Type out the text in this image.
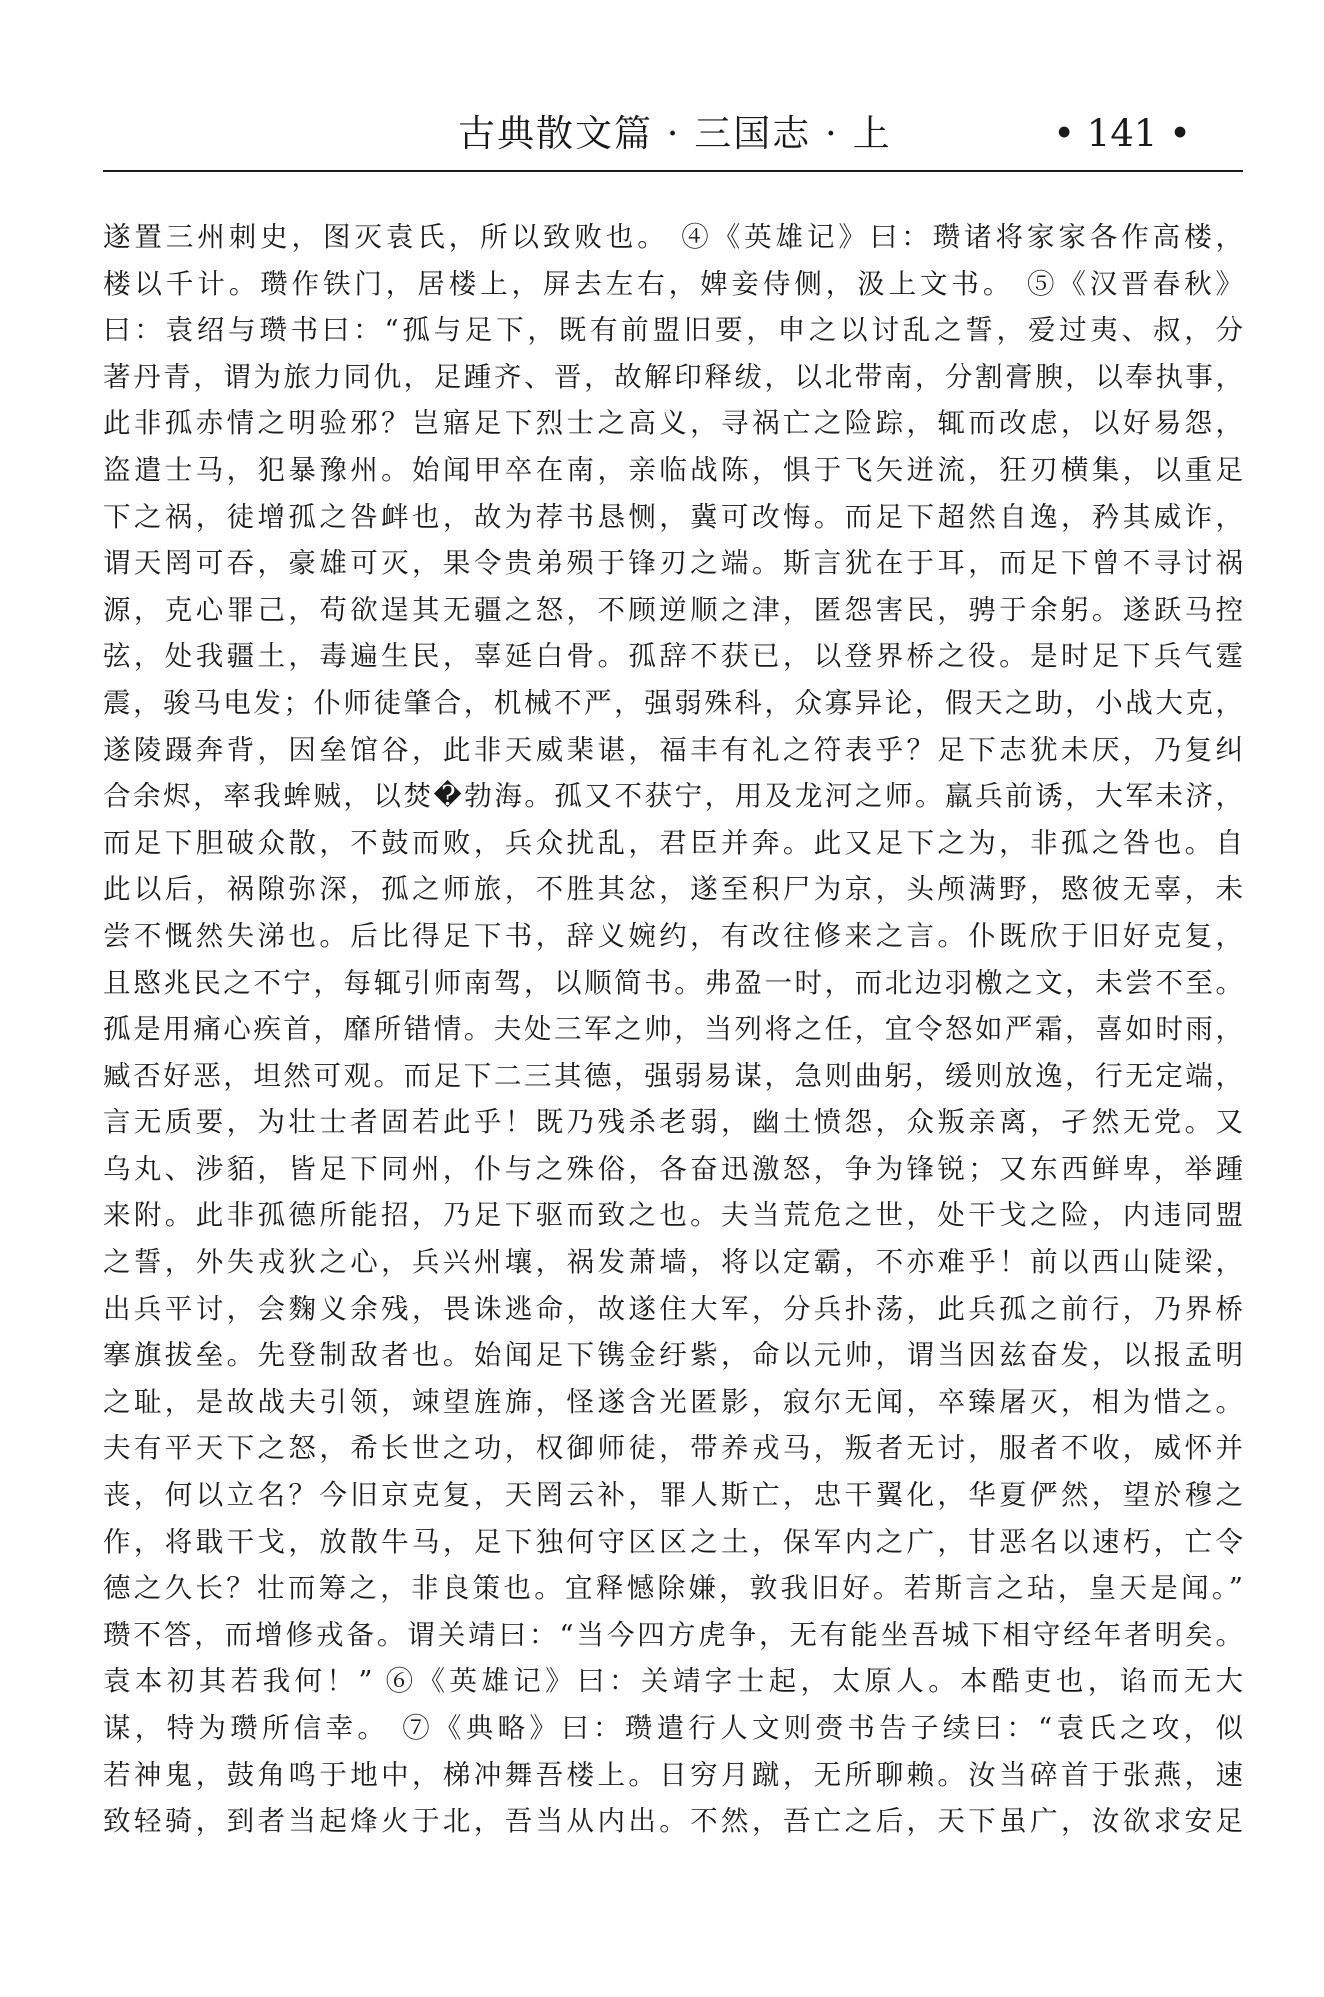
古典散文篇 · 三国志 · 上	• 141 •
遂置三州刺史，图灭袁氏，所以致败也。 ④《英雄记》曰：瓒诸将家家各作高楼，
楼以千计。瓒作铁门，居楼上，屏去左右，婢妾侍侧，汲上文书。 ⑤《汉晋春秋》
曰：袁绍与瓒书曰：“孤与足下，既有前盟旧要，申之以讨乱之誓，爱过夷、叔，分
著丹青，谓为旅力同仇，足踵齐、晋，故解印释绂，以北带南，分割膏腴，以奉执事，
此非孤赤情之明验邪？岂寤足下烈士之高义，寻祸亡之险踪，辄而改虑，以好易怨，
盗遣士马，犯暴豫州。始闻甲卒在南，亲临战陈，惧于飞矢迸流，狂刃横集，以重足
下之祸，徒增孤之咎衅也，故为荐书恳恻，冀可改悔。而足下超然自逸，矜其威诈，
谓天罔可吞，豪雄可灭，果令贵弟殒于锋刃之端。斯言犹在于耳，而足下曾不寻讨祸
源，克心罪己，苟欲逞其无疆之怒，不顾逆顺之津，匿怨害民，骋于余躬。遂跃马控
弦，处我疆土，毒遍生民，辜延白骨。孤辞不获已，以登界桥之役。是时足下兵气霆
震，骏马电发；仆师徒肇合，机械不严，强弱殊科，众寡异论，假天之助，小战大克，
遂陵蹑奔背，因垒馆谷，此非天威棐谌，福丰有礼之符表乎？足下志犹未厌，乃复纠
合余烬，率我蛑贼，以焚�勃海。孤又不获宁，用及龙河之师。羸兵前诱，大军未济，
而足下胆破众散，不鼓而败，兵众扰乱，君臣并奔。此又足下之为，非孤之咎也。自
此以后，祸隙弥深，孤之师旅，不胜其忿，遂至积尸为京，头颅满野，愍彼无辜，未
尝不慨然失涕也。后比得足下书，辞义婉约，有改往修来之言。仆既欣于旧好克复，
且愍兆民之不宁，每辄引师南驾，以顺简书。弗盈一时，而北边羽檄之文，未尝不至。
孤是用痛心疾首，靡所错情。夫处三军之帅，当列将之任，宜令怒如严霜，喜如时雨，
臧否好恶，坦然可观。而足下二三其德，强弱易谋，急则曲躬，缓则放逸，行无定端，
言无质要，为壮士者固若此乎！既乃残杀老弱，幽土愤怨，众叛亲离，孑然无党。又
乌丸、涉貊，皆足下同州，仆与之殊俗，各奋迅激怒，争为锋锐；又东西鲜卑，举踵
来附。此非孤德所能招，乃足下驱而致之也。夫当荒危之世，处干戈之险，内违同盟
之誓，外失戎狄之心，兵兴州壤，祸发萧墙，将以定霸，不亦难乎！前以西山陡梁，
出兵平讨，会麴义余残，畏诛逃命，故遂住大军，分兵扑荡，此兵孤之前行，乃界桥
搴旗拔垒。先登制敌者也。始闻足下镌金纡紫，命以元帅，谓当因兹奋发，以报孟明
之耻，是故战夫引领，竦望旌旆，怪遂含光匿影，寂尔无闻，卒臻屠灭，相为惜之。
夫有平天下之怒，希长世之功，权御师徒，带养戎马，叛者无讨，服者不收，威怀并
丧，何以立名？今旧京克复，天罔云补，罪人斯亡，忠干翼化，华夏俨然，望於穆之
作，将戢干戈，放散牛马，足下独何守区区之土，保军内之广，甘恶名以速朽，亡令
德之久长？壮而筹之，非良策也。宜释憾除嫌，敦我旧好。若斯言之玷，皇天是闻。”
瓒不答，而增修戎备。谓关靖曰：“当今四方虎争，无有能坐吾城下相守经年者明矣。
袁本初其若我何！” ⑥《英雄记》曰：关靖字士起，太原人。本酷吏也，谄而无大
谋，特为瓒所信幸。 ⑦《典略》曰：瓒遣行人文则赍书告子续曰：“袁氏之攻，似
若神鬼，鼓角鸣于地中，梯冲舞吾楼上。日穷月蹴，无所聊赖。汝当碎首于张燕，速
致轻骑，到者当起烽火于北，吾当从内出。不然，吾亡之后，天下虽广，汝欲求安足
